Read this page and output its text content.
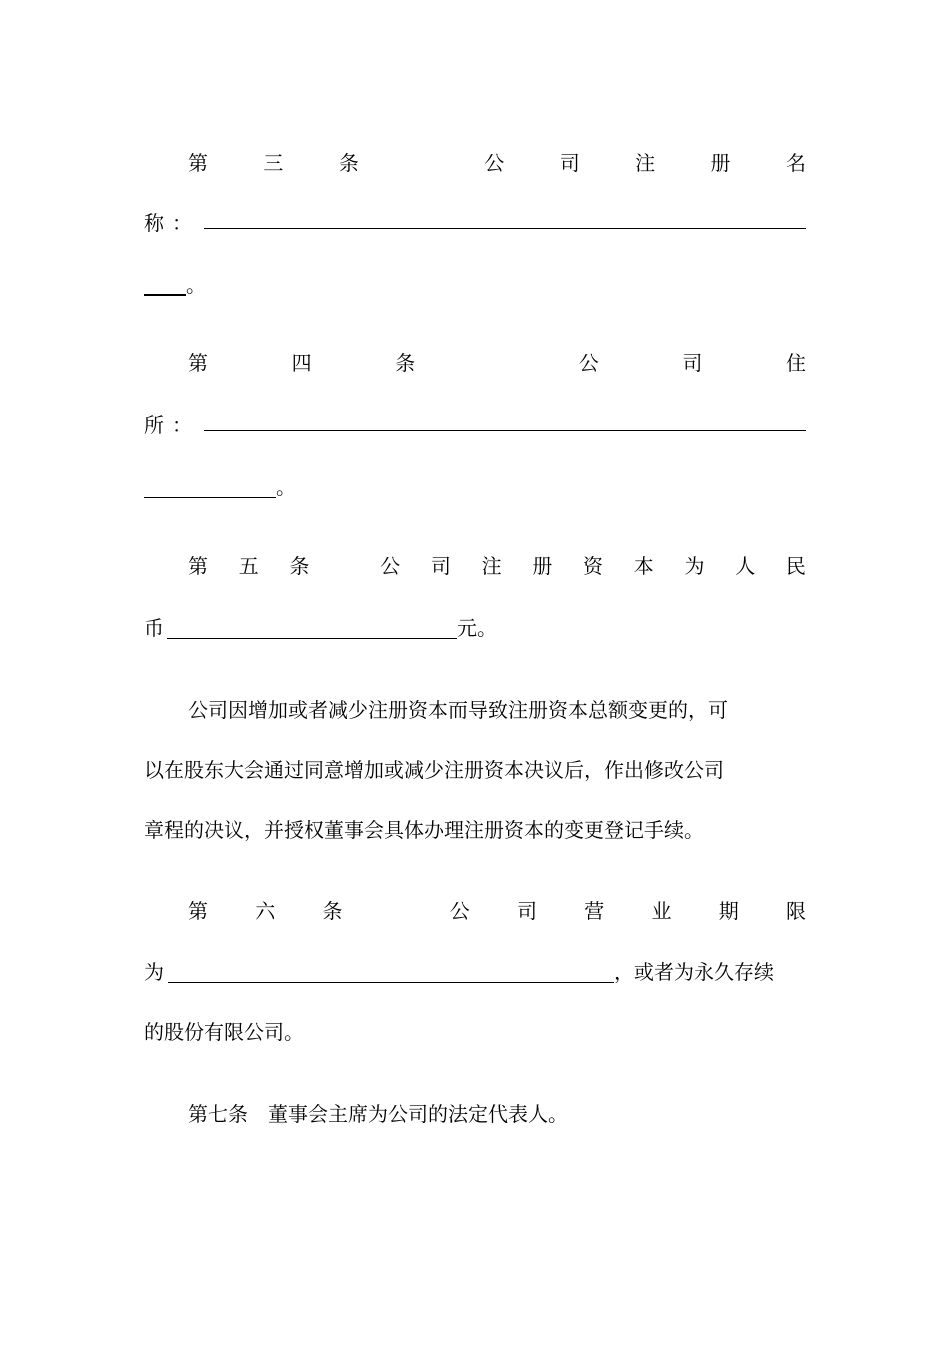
第	三	条	公	司	注	册	名
称：
。
第	四	条	公	司	住
所：
。
第 五 条	公 司 注 册 资 本 为 人 民
币	元。
公司因增加或者减少注册资本而导致注册资本总额变更的，可
以在股东大会通过同意增加或减少注册资本决议后，作出修改公司
章程的决议，并授权董事会具体办理注册资本的变更登记手续。
第 六 条	公 司 营 业 期 限
为	，或者为永久存续
的股份有限公司。
第七条　董事会主席为公司的法定代表人。
